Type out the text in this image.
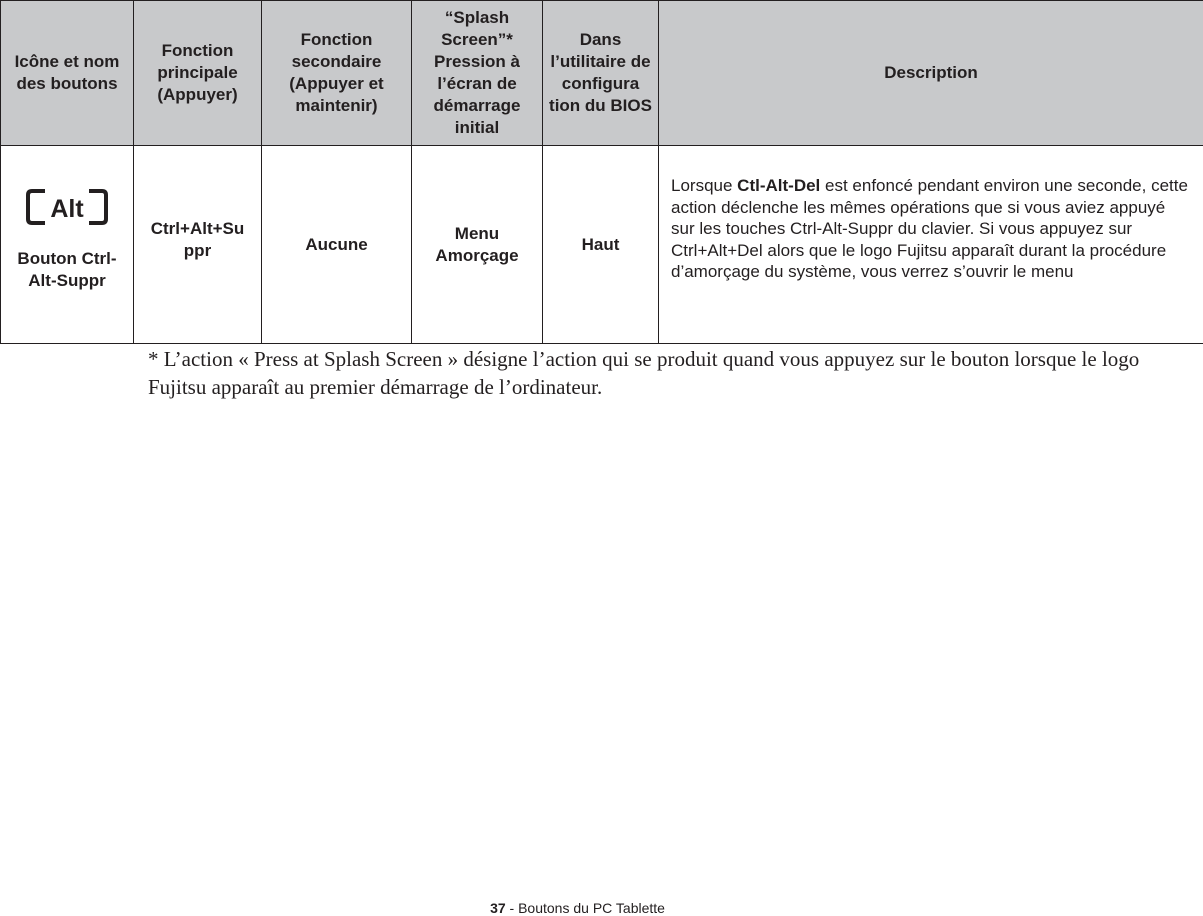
Icône et nom des boutons	Fonction principale (Appuyer)	Fonction secondaire (Appuyer et maintenir)	“Splash Screen”* Pression à l’écran de démarrage initial	Dans l’utilitaire de configura tion du BIOS	Description

Alt
Bouton Ctrl-Alt-Suppr	Ctrl+Alt+Su ppr	Aucune	Menu Amorçage	Haut	Lorsque Ctl-Alt-Del est enfoncé pendant environ une seconde, cette action déclenche les mêmes opérations que si vous aviez appuyé sur les touches Ctrl-Alt-Suppr du clavier. Si vous appuyez sur Ctrl+Alt+Del alors que le logo Fujitsu apparaît durant la procédure d’amorçage du système, vous verrez s’ouvrir le menu
* L’action « Press at Splash Screen » désigne l’action qui se produit quand vous appuyez sur le bouton lorsque le logo Fujitsu apparaît au premier démarrage de l’ordinateur.
37 - Boutons du PC Tablette
